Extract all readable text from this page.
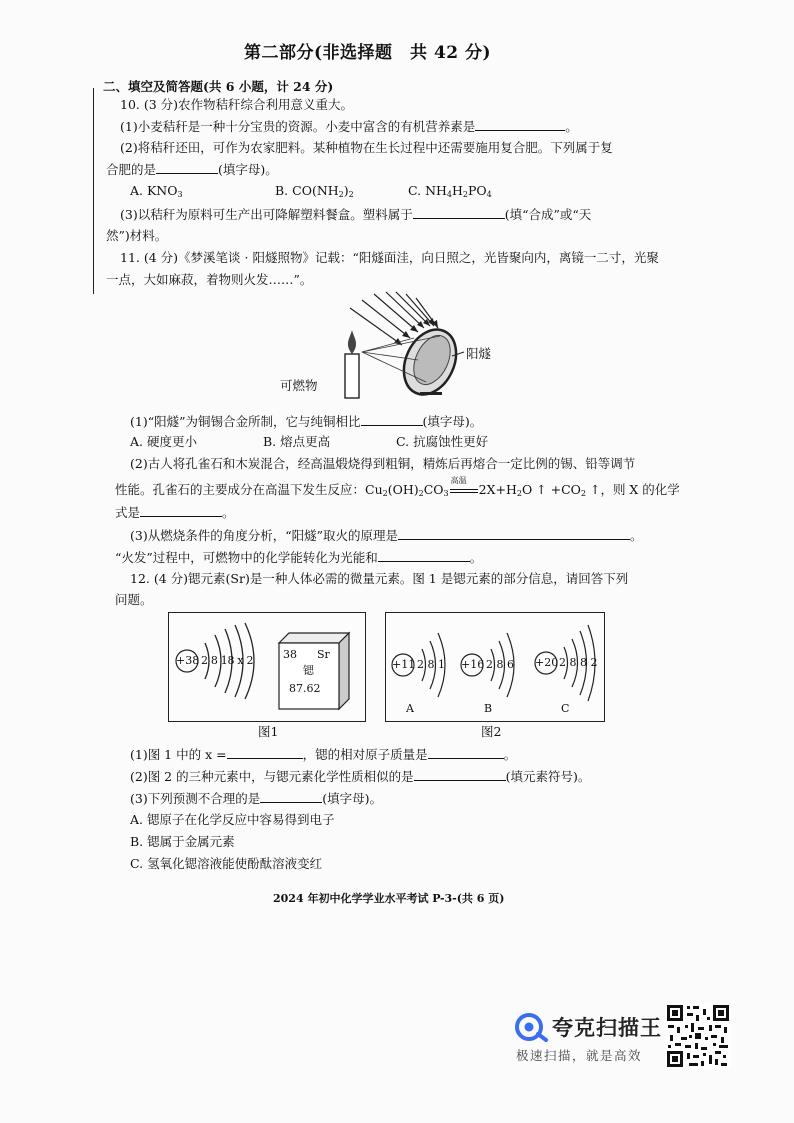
第二部分(非选择题　共 42 分)
二、填空及简答题(共 6 小题，计 24 分)
10. (3 分)农作物秸秆综合利用意义重大。
(1)小麦秸秆是一种十分宝贵的资源。小麦中富含的有机营养素是	。
(2)将秸秆还田，可作为农家肥料。某种植物在生长过程中还需要施用复合肥。下列属于复
合肥的是	(填字母)。
A. $KNO_3$	B. $CO(NH_2)_2$	C. $NH_4H_2PO_4$
(3)以秸秆为原料可生产出可降解塑料餐盒。塑料属于	(填“合成”或“天
然”)材料。
11. (4 分)《梦溪笔谈 · 阳燧照物》记载：“阳燧面洼，向日照之，光皆聚向内，离镜一二寸，光聚
一点，大如麻菽，着物则火发……”。
阳燧
可燃物
(1)“阳燧”为铜锡合金所制，它与纯铜相比	(填字母)。
A. 硬度更小	B. 熔点更高	C. 抗腐蚀性更好
(2)古人将孔雀石和木炭混合，经高温煅烧得到粗铜，精炼后再熔合一定比例的锡、铅等调节
性能。孔雀石的主要成分在高温下发生反应：$Cu_2(OH)_2CO_3$
高温
$2X+H_2O$ ↑ $+CO_2$ ↑，则 X 的化学
式是	。
(3)从燃烧条件的角度分析，“阳燧”取火的原理是	。
“火发”过程中，可燃物中的化学能转化为光能和	。
12. (4 分)锶元素(Sr)是一种人体必需的微量元素。图 1 是锶元素的部分信息，请回答下列
问题。
+38 2 8 18 x 2	38 Sr
锶
87.62
图1
+11 2 8 1
A
+16 2 8 6
B
+20 2 8 8 2
C
图2
(1)图 1 中的 x =	，锶的相对原子质量是	。
(2)图 2 的三种元素中，与锶元素化学性质相似的是	(填元素符号)。
(3)下列预测不合理的是	(填字母)。
A. 锶原子在化学反应中容易得到电子
B. 锶属于金属元素
C. 氢氧化锶溶液能使酚酞溶液变红
2024 年初中化学学业水平考试 P-3-(共 6 页)
夸克扫描王
极速扫描，就是高效
